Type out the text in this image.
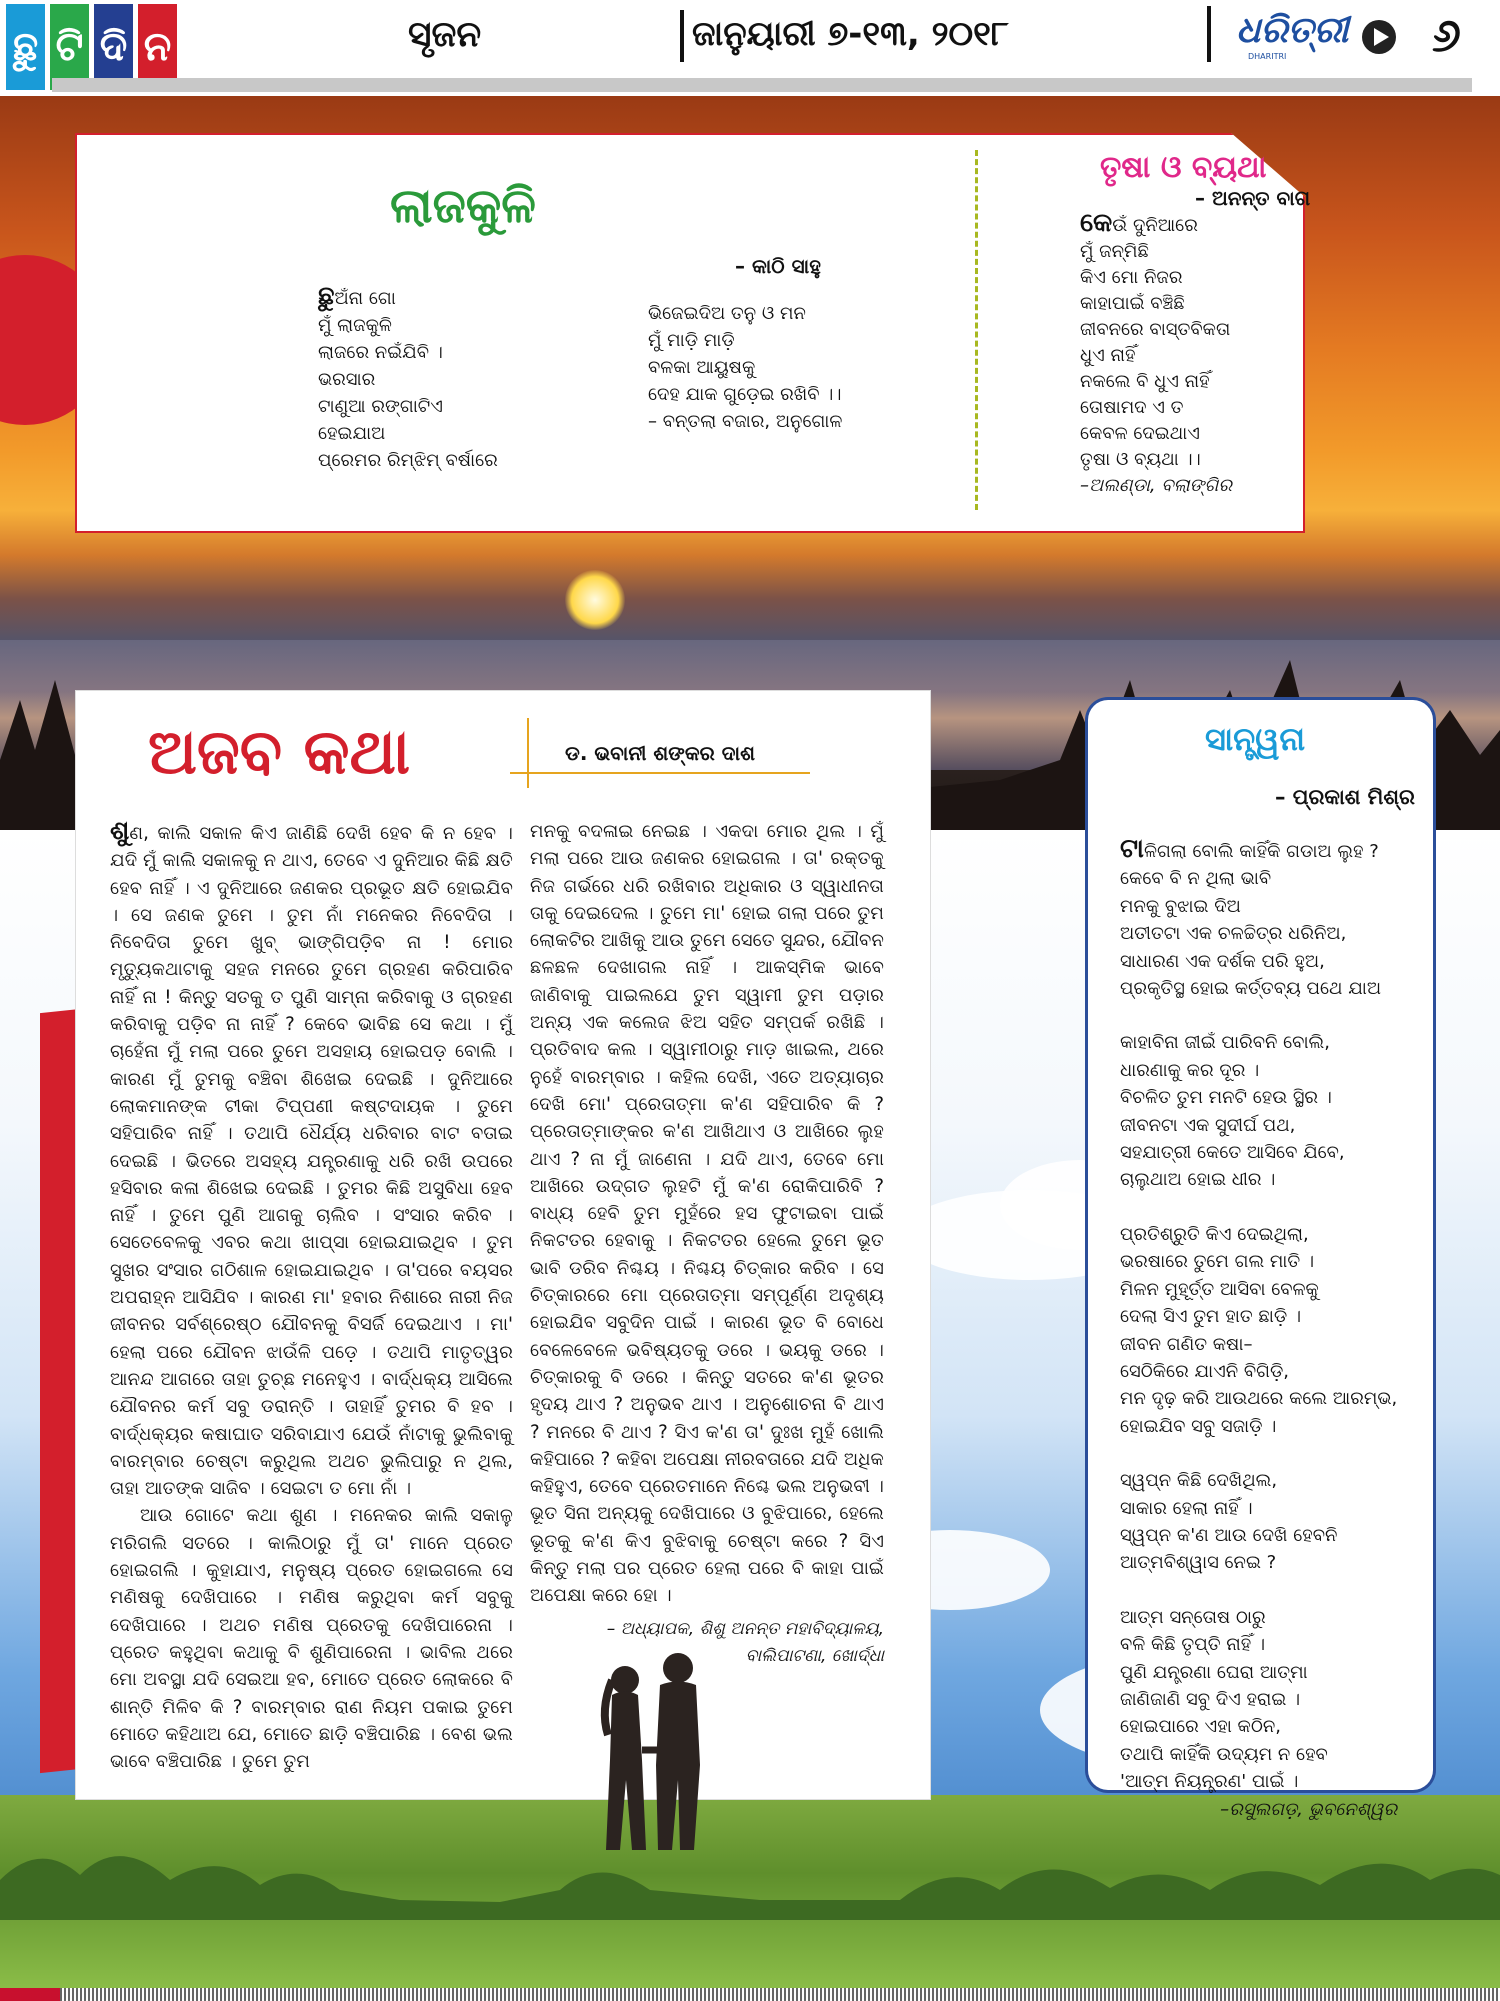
ଛୁ ଟି ଦି ନ	ସୃଜନ	ଜାନୁୟାରୀ ୭-୧୩, ୨୦୧୮	ଧରିତ୍ରୀ
DHARITRI	୬
ଲାଜକୁଳି
– କାଠି ସାହୁ
ଛୁଅଁନା ଗୋ
ମୁଁ ଲାଜକୁଳି
ଲାଜରେ ନଇଁଯିବି ।
ଭରସାର
ଟାଣୁଆ ରଙ୍ଗାଟିଏ
ହେଇଯାଅ
ପ୍ରେମର ରିମ୍‌ଝିମ୍ ବର୍ଷାରେ
ଭିଜେଇଦିଅ ତନୁ ଓ ମନ
ମୁଁ ମାଡ଼ି ମାଡ଼ି
ବଳକା ଆୟୁଷକୁ
ଦେହ ଯାକ ଗୁଡ଼େଇ ରଖିବି ।।
– ବନ୍ତଲା ବଜାର, ଅନୁଗୋଳ
ତୃଷା ଓ ବ୍ୟଥା
– ଅନନ୍ତ ବାଗ
କେଉଁ ଦୁନିଆରେ
ମୁଁ ଜନ୍ମିଛି
କିଏ ମୋ ନିଜର
କାହାପାଇଁ ବଞ୍ଚିଛି
ଜୀବନରେ ବାସ୍ତବିକତା
ଧୁଏ ନାହିଁ
ନକଲେ ବି ଧୁଏ ନାହିଁ
ତୋଷାମଦ ଏ ତ
କେବଳ ଦେଇଥାଏ
ତୃଷା ଓ ବ୍ୟଥା ।।
–ଅଲଣ୍ଡା, ବଲାଙ୍ଗିର
ଅଜବ କଥା	ଡ. ଭବାନୀ ଶଙ୍କର ଦାଶ

ଶୁଣ, କାଲି ସକାଳ କିଏ ଜାଣିଛି ଦେଖି ହେବ କି ନ ହେବ । ଯଦି ମୁଁ କାଲି ସକାଳକୁ ନ ଥାଏ, ତେବେ ଏ ଦୁନିଆର କିଛି କ୍ଷତି ହେବ ନାହିଁ । ଏ ଦୁନିଆରେ ଜଣକର ପ୍ରଭୂତ କ୍ଷତି ହୋଇଯିବ । ସେ ଜଣକ ତୁମେ । ତୁମ ନାଁ ମନେକର ନିବେଦିତା । ନିବେଦିତା ତୁମେ ଖୁବ୍ ଭାଙ୍ଗିପଡ଼ିବ ନା ! ମୋର ମୃତ୍ୟୁକଥାଟାକୁ ସହଜ ମନରେ ତୁମେ ଗ୍ରହଣ କରିପାରିବ ନାହିଁ ନା ! କିନ୍ତୁ ସତକୁ ତ ପୁଣି ସାମ୍ନା କରିବାକୁ ଓ ଗ୍ରହଣ କରିବାକୁ ପଡ଼ିବ ନା ନାହିଁ ? କେବେ ଭାବିଛ ସେ କଥା । ମୁଁ ଚାହେଁନା ମୁଁ ମଲା ପରେ ତୁମେ ଅସହାୟ ହୋଇପଡ଼ ବୋଲି । କାରଣ ମୁଁ ତୁମକୁ ବଞ୍ଚିବା ଶିଖେଇ ଦେଇଛି । ଦୁନିଆରେ ଲୋକମାନଙ୍କ ଟୀକା ଟିପ୍ପଣୀ କଷ୍ଟଦାୟକ । ତୁମେ ସହିପାରିବ ନାହିଁ । ତଥାପି ଧୈର୍ଯ୍ୟ ଧରିବାର ବାଟ ବତାଇ ଦେଇଛି । ଭିତରେ ଅସହ୍ୟ ଯନ୍ତ୍ରଣାକୁ ଧରି ରଖି ଉପରେ ହସିବାର କଳା ଶିଖେଇ ଦେଇଛି । ତୁମର କିଛି ଅସୁବିଧା ହେବ ନାହିଁ । ତୁମେ ପୁଣି ଆଗକୁ ଚାଲିବ । ସଂସାର କରିବ । ସେତେବେଳକୁ ଏବର କଥା ଖାପ୍‌ସା ହୋଇଯାଇଥିବ । ତୁମ ସୁଖର ସଂସାର ଗଠିଶାଳ ହୋଇଯାଇଥିବ । ତା'ପରେ ବୟସର ଅପରାହ୍ନ ଆସିଯିବ । କାରଣ ମା' ହବାର ନିଶାରେ ନାରୀ ନିଜ ଜୀବନର ସର୍ବଶ୍ରେଷ୍ଠ ଯୌବନକୁ ବିସର୍ଜି ଦେଇଥାଏ । ମା' ହେଲା ପରେ ଯୌବନ ଝାଉଁଳି ପଡ଼େ । ତଥାପି ମାତୃତ୍ୱର ଆନନ୍ଦ ଆଗରେ ତାହା ତୁଚ୍ଛ ମନେହୁଏ । ବାର୍ଦ୍ଧକ୍ୟ ଆସିଲେ ଯୌବନର କର୍ମ ସବୁ ଡରାନ୍ତି । ତାହାହିଁ ତୁମର ବି ହବ । ବାର୍ଦ୍ଧକ୍ୟର କଷାଘାତ ସରିବାଯାଏ ଯେଉଁ ନାଁଟାକୁ ଭୁଲିବାକୁ ବାରମ୍ବାର ଚେଷ୍ଟା କରୁଥିଲ ଅଥଚ ଭୁଲିପାରୁ ନ ଥିଲ, ତାହା ଆତଙ୍କ ସାଜିବ । ସେଇଟା ତ ମୋ ନାଁ ।

ଆଉ ଗୋଟେ କଥା ଶୁଣ । ମନେକର କାଲି ସକାଳୁ ମରିଗଲି ସତରେ । କାଲିଠାରୁ ମୁଁ ତା' ମାନେ ପ୍ରେତ ହୋଇଗଲି । କୁହାଯାଏ, ମନୁଷ୍ୟ ପ୍ରେତ ହୋଇଗଲେ ସେ ମଣିଷକୁ ଦେଖିପାରେ । ମଣିଷ କରୁଥିବା କର୍ମ ସବୁକୁ ଦେଖିପାରେ । ଅଥଚ ମଣିଷ ପ୍ରେତକୁ ଦେଖିପାରେନା । ପ୍ରେତ କହୁଥିବା କଥାକୁ ବି ଶୁଣିପାରେନା । ଭାବିଲ ଥରେ ମୋ ଅବସ୍ଥା ଯଦି ସେଇଆ ହବ, ମୋତେ ପ୍ରେତ ଲୋକରେ ବି ଶାନ୍ତି ମିଳିବ କି ? ବାରମ୍ବାର ରାଣ ନିୟମ ପକାଇ ତୁମେ ମୋତେ କହିଥାଅ ଯେ, ମୋତେ ଛାଡ଼ି ବଞ୍ଚିପାରିଛ । ବେଶ ଭଲ ଭାବେ ବଞ୍ଚିପାରିଛ । ତୁମେ ତୁମ

ମନକୁ ବଦଳାଇ ନେଇଛ । ଏକଦା ମୋର ଥିଲ । ମୁଁ ମଲା ପରେ ଆଉ ଜଣକର ହୋଇଗଲ । ତା' ରକ୍ତକୁ ନିଜ ଗର୍ଭରେ ଧରି ରଖିବାର ଅଧିକାର ଓ ସ୍ୱାଧୀନତା ତାକୁ ଦେଇଦେଲ । ତୁମେ ମା' ହୋଇ ଗଲା ପରେ ତୁମ ଲୋକଟିର ଆଖିକୁ ଆଉ ତୁମେ ସେତେ ସୁନ୍ଦର, ଯୌବନ ଛଳଛଳ ଦେଖାଗଲ ନାହିଁ । ଆକସ୍ମିକ ଭାବେ ଜାଣିବାକୁ ପାଇଲଯେ ତୁମ ସ୍ୱାମୀ ତୁମ ପଡ଼ାର ଅନ୍ୟ ଏକ କଲେଜ ଝିଅ ସହିତ ସମ୍ପର୍କ ରଖିଛି । ପ୍ରତିବାଦ କଲ । ସ୍ୱାମୀଠାରୁ ମାଡ଼ ଖାଇଲ, ଥରେ ନୁହେଁ ବାରମ୍ବାର । କହିଲ ଦେଖି, ଏତେ ଅତ୍ୟାଚାର ଦେଖି ମୋ' ପ୍ରେତାତ୍ମା କ'ଣ ସହିପାରିବ କି ? ପ୍ରେତାତ୍ମାଙ୍କର କ'ଣ ଆଖିଥାଏ ଓ ଆଖିରେ ଲୁହ ଥାଏ ? ନା ମୁଁ ଜାଣେନା । ଯଦି ଥାଏ, ତେବେ ମୋ ଆଖିରେ ଉଦ୍‌ଗତ ଲୁହଟି ମୁଁ କ'ଣ ରୋକିପାରିବି ? ବାଧ୍ୟ ହେବି ତୁମ ମୁହଁରେ ହସ ଫୁଟାଇବା ପାଇଁ ନିକଟତର ହେବାକୁ । ନିକଟତର ହେଲେ ତୁମେ ଭୂତ ଭାବି ଡରିବ ନିଶ୍ଚୟ । ନିଶ୍ଚୟ ଚିତ୍କାର କରିବ । ସେ ଚିତ୍କାରରେ ମୋ ପ୍ରେତାତ୍ମା ସମ୍ପୂର୍ଣ୍ଣ ଅଦୃଶ୍ୟ ହୋଇଯିବ ସବୁଦିନ ପାଇଁ । କାରଣ ଭୂତ ବି ବୋଧେ ବେଳେବେଳେ ଭବିଷ୍ୟତକୁ ଡରେ । ଭୟକୁ ଡରେ । ଚିତ୍କାରକୁ ବି ଡରେ । କିନ୍ତୁ ସତରେ କ'ଣ ଭୂତର ହୃଦୟ ଥାଏ ? ଅନୁଭବ ଥାଏ । ଅନୁଶୋଚନା ବି ଥାଏ ? ମନରେ ବି ଥାଏ ? ସିଏ କ'ଣ ତା' ଦୁଃଖ ମୁହଁ ଖୋଲି କହିପାରେ ? କହିବା ଅପେକ୍ଷା ନୀରବତାରେ ଯଦି ଅଧିକ କହିହୁଏ, ତେବେ ପ୍ରେତମାନେ ନିଶ୍ଚେ ଭଲ ଅନୁଭବୀ । ଭୂତ ସିନା ଅନ୍ୟକୁ ଦେଖିପାରେ ଓ ବୁଝିପାରେ, ହେଲେ ଭୂତକୁ କ'ଣ କିଏ ବୁଝିବାକୁ ଚେଷ୍ଟା କରେ ? ସିଏ କିନ୍ତୁ ମଲା ପର ପ୍ରେତ ହେଲା ପରେ ବି କାହା ପାଇଁ ଅପେକ୍ଷା କରେ ହୋ ।

– ଅଧ୍ୟାପକ, ଶିଶୁ ଅନନ୍ତ ମହାବିଦ୍ୟାଳୟ,
ବାଲିପାଟଣା, ଖୋର୍ଦ୍ଧା
ସାନ୍ତ୍ୱନା
– ପ୍ରକାଶ ମିଶ୍ର
ଟାଳିଗଲା ବୋଲି କାହିଁକି ଗଡାଅ ଲୁହ ?
କେବେ ବି ନ ଥିଲା ଭାବି
ମନକୁ ବୁଝାଇ ଦିଅ
ଅତୀତଟା ଏକ ଚଳଚ୍ଚିତ୍ର ଧରିନିଅ,
ସାଧାରଣ ଏକ ଦର୍ଶକ ପରି ହୁଅ,
ପ୍ରକୃତିସ୍ଥ ହୋଇ କର୍ତ୍ତବ୍ୟ ପଥେ ଯାଅ
କାହାବିନା ଜୀଇଁ ପାରିବନି ବୋଲି,
ଧାରଣାକୁ କର ଦୂର ।
ବିଚଳିତ ତୁମ ମନଟି ହେଉ ସ୍ଥିର ।
ଜୀବନଟା ଏକ ସୁଦୀର୍ଘ ପଥ,
ସହଯାତ୍ରୀ କେତେ ଆସିବେ ଯିବେ,
ଚାଲୁଥାଅ ହୋଇ ଧୀର ।
ପ୍ରତିଶ୍ରୁତି କିଏ ଦେଇଥିଲା,
ଭରଷାରେ ତୁମେ ଗଲ ମାତି ।
ମିଳନ ମୁହୂର୍ତ୍ତ ଆସିବା ବେଳକୁ
ଦେଲା ସିଏ ତୁମ ହାତ ଛାଡ଼ି ।
ଜୀବନ ଗଣିତ କଷା–
ସେଠିକିରେ ଯାଏନି ବିଗିଡ଼ି,
ମନ ଦୃଢ଼ କରି ଆଉଥରେ କଲେ ଆରମ୍ଭ,
ହୋଇଯିବ ସବୁ ସଜାଡ଼ି ।
ସ୍ୱପ୍ନ କିଛି ଦେଖିଥିଲ,
ସାକାର ହେଲା ନାହିଁ ।
ସ୍ୱପ୍ନ କ'ଣ ଆଉ ଦେଖି ହେବନି
ଆତ୍ମବିଶ୍ୱାସ ନେଇ ?
ଆତ୍ମ ସନ୍ତୋଷ ଠାରୁ
ବଳି କିଛି ତୃପ୍ତି ନାହିଁ ।
ପୁଣି ଯନ୍ତ୍ରଣା ଘେରା ଆତ୍ମା
ଜାଣିଜାଣି ସବୁ ଦିଏ ହରାଇ ।
ହୋଇପାରେ ଏହା କଠିନ,
ତଥାପି କାହିଁକି ଉଦ୍ୟମ ନ ହେବ
'ଆତ୍ମ ନିୟନ୍ତ୍ରଣ' ପାଇଁ ।
–ରସୁଲଗଡ଼, ଭୁବନେଶ୍ୱର
